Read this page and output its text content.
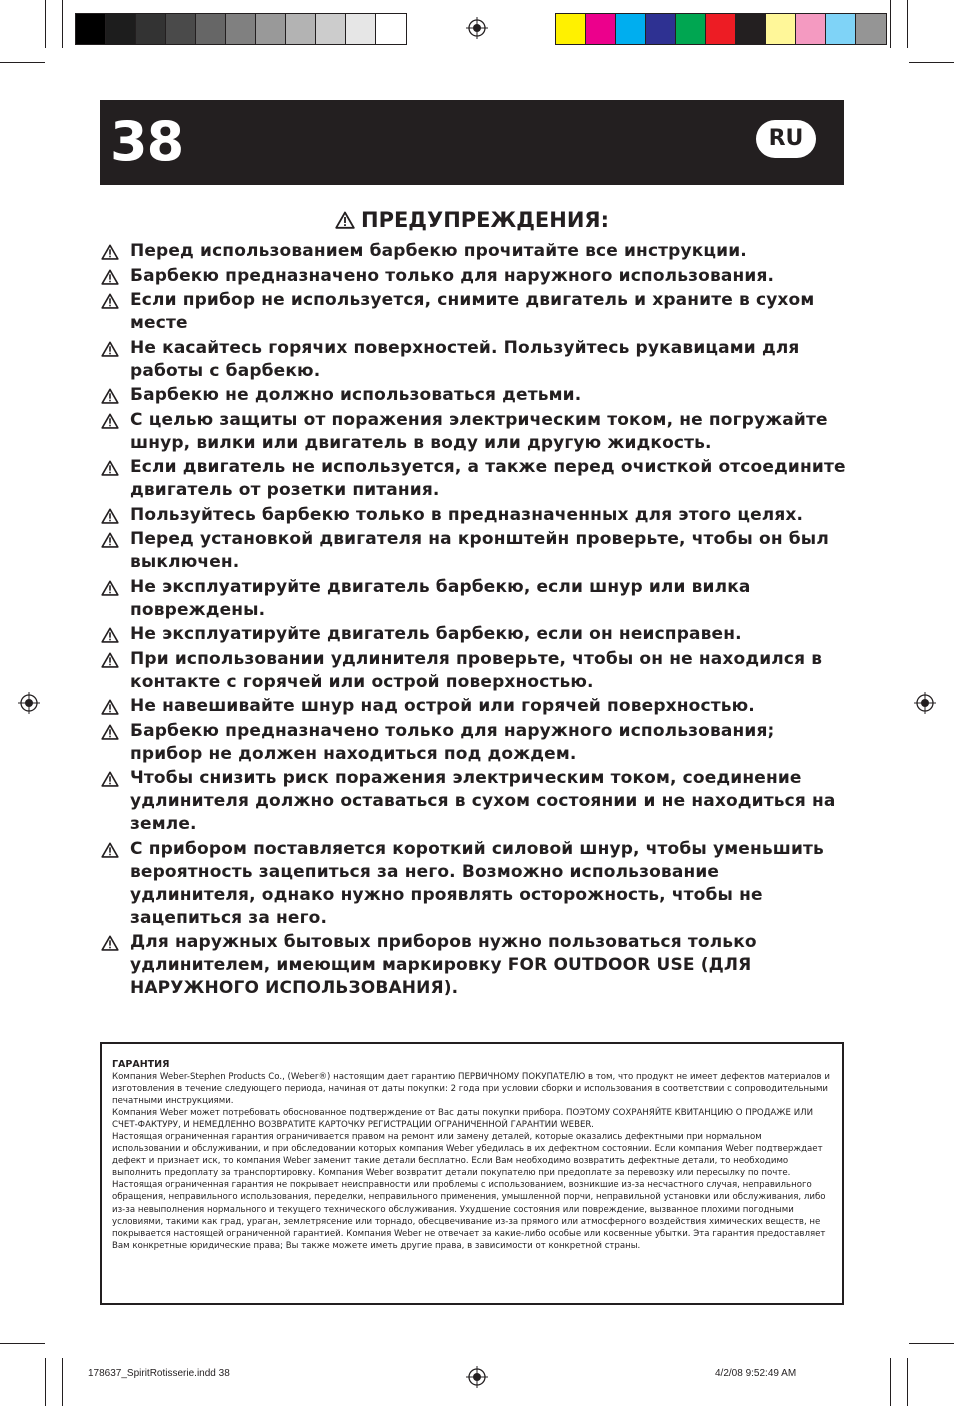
38	RU
ПРЕДУПРЕЖДЕНИЯ:
Перед использованием барбекю прочитайте все инструкции.
Барбекю предназначено только для наружного использования.
Если прибор не используется, снимите двигатель и храните в сухом месте
Не касайтесь горячих поверхностей. Пользуйтесь рукавицами для работы с барбекю.
Барбекю не должно использоваться детьми.
С целью защиты от поражения электрическим током, не погружайте шнур, вилки или двигатель в воду или другую жидкость.
Если двигатель не используется, а также перед очисткой отсоедините двигатель от розетки питания.
Пользуйтесь барбекю только в предназначенных для этого целях.
Перед установкой двигателя на кронштейн проверьте, чтобы он был выключен.
Не эксплуатируйте двигатель барбекю, если шнур или вилка повреждены.
Не эксплуатируйте двигатель барбекю, если он неисправен.
При использовании удлинителя проверьте, чтобы он не находился в контакте с горячей или острой поверхностью.
Не навешивайте шнур над острой или горячей поверхностью.
Барбекю предназначено только для наружного использования; прибор не должен находиться под дождем.
Чтобы снизить риск поражения электрическим током, соединение удлинителя должно оставаться в сухом состоянии и не находиться на земле.
С прибором поставляется короткий силовой шнур, чтобы уменьшить вероятность зацепиться за него. Возможно использование удлинителя, однако нужно проявлять осторожность, чтобы не зацепиться за него.
Для наружных бытовых приборов нужно пользоваться только удлинителем, имеющим маркировку FOR OUTDOOR USE (ДЛЯ НАРУЖНОГО ИСПОЛЬЗОВАНИЯ).
ГАРАНТИЯ

Компания Weber-Stephen Products Co., (Weber®) настоящим дает гарантию ПЕРВИЧНОМУ ПОКУПАТЕЛЮ в том, что продукт не имеет дефектов материалов и изготовления в течение следующего периода, начиная от даты покупки: 2 года при условии сборки и использования в соответствии с сопроводительными печатными инструкциями.

Компания Weber может потребовать обоснованное подтверждение от Вас даты покупки прибора. ПОЭТОМУ СОХРАНЯЙТЕ КВИТАНЦИЮ О ПРОДАЖЕ ИЛИ СЧЕТ-ФАКТУРУ, И НЕМЕДЛЕННО ВОЗВРАТИТЕ КАРТОЧКУ РЕГИСТРАЦИИ ОГРАНИЧЕННОЙ ГАРАНТИИ WEBER.

Настоящая ограниченная гарантия ограничивается правом на ремонт или замену деталей, которые оказались дефектными при нормальном использовании и обслуживании, и при обследовании которых компания Weber убедилась в их дефектном состоянии. Если компания Weber подтверждает дефект и признает иск, то компания Weber заменит такие детали бесплатно. Если Вам необходимо возвратить дефектные детали, то необходимо выполнить предоплату за транспортировку. Компания Weber возвратит детали покупателю при предоплате за перевозку или пересылку по почте.

Настоящая ограниченная гарантия не покрывает неисправности или проблемы с использованием, возникшие из-за несчастного случая, неправильного обращения, неправильного использования, переделки, неправильного применения, умышленной порчи, неправильной установки или обслуживания, либо из-за невыполнения нормального и текущего технического обслуживания. Ухудшение состояния или повреждение, вызванное плохими погодными условиями, такими как град, ураган, землетрясение или торнадо, обесцвечивание из-за прямого или атмосферного воздействия химических веществ, не покрывается настоящей ограниченной гарантией. Компания Weber не отвечает за какие-либо особые или косвенные убытки. Эта гарантия предоставляет Вам конкретные юридические права; Вы также можете иметь другие права, в зависимости от конкретной страны.

178637_SpiritRotisserie.indd 38	4/2/08 9:52:49 AM
